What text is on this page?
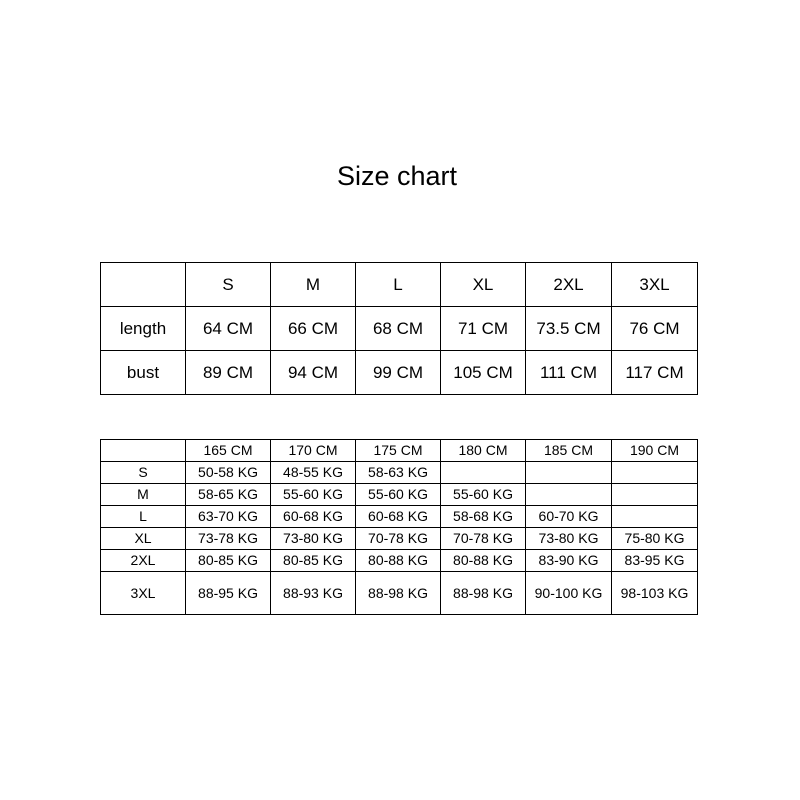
Size chart
	S	M	L	XL	2XL	3XL
length	64 CM	66 CM	68 CM	71 CM	73.5 CM	76 CM
bust	89 CM	94 CM	99 CM	105 CM	111 CM	117 CM
	165 CM	170 CM	175 CM	180 CM	185 CM	190 CM
S	50-58 KG	48-55 KG	58-63 KG			
M	58-65 KG	55-60 KG	55-60 KG	55-60 KG		
L	63-70 KG	60-68 KG	60-68 KG	58-68 KG	60-70 KG	
XL	73-78 KG	73-80 KG	70-78 KG	70-78 KG	73-80 KG	75-80 KG
2XL	80-85 KG	80-85 KG	80-88 KG	80-88 KG	83-90 KG	83-95 KG
3XL	88-95 KG	88-93 KG	88-98 KG	88-98 KG	90-100 KG	98-103 KG
